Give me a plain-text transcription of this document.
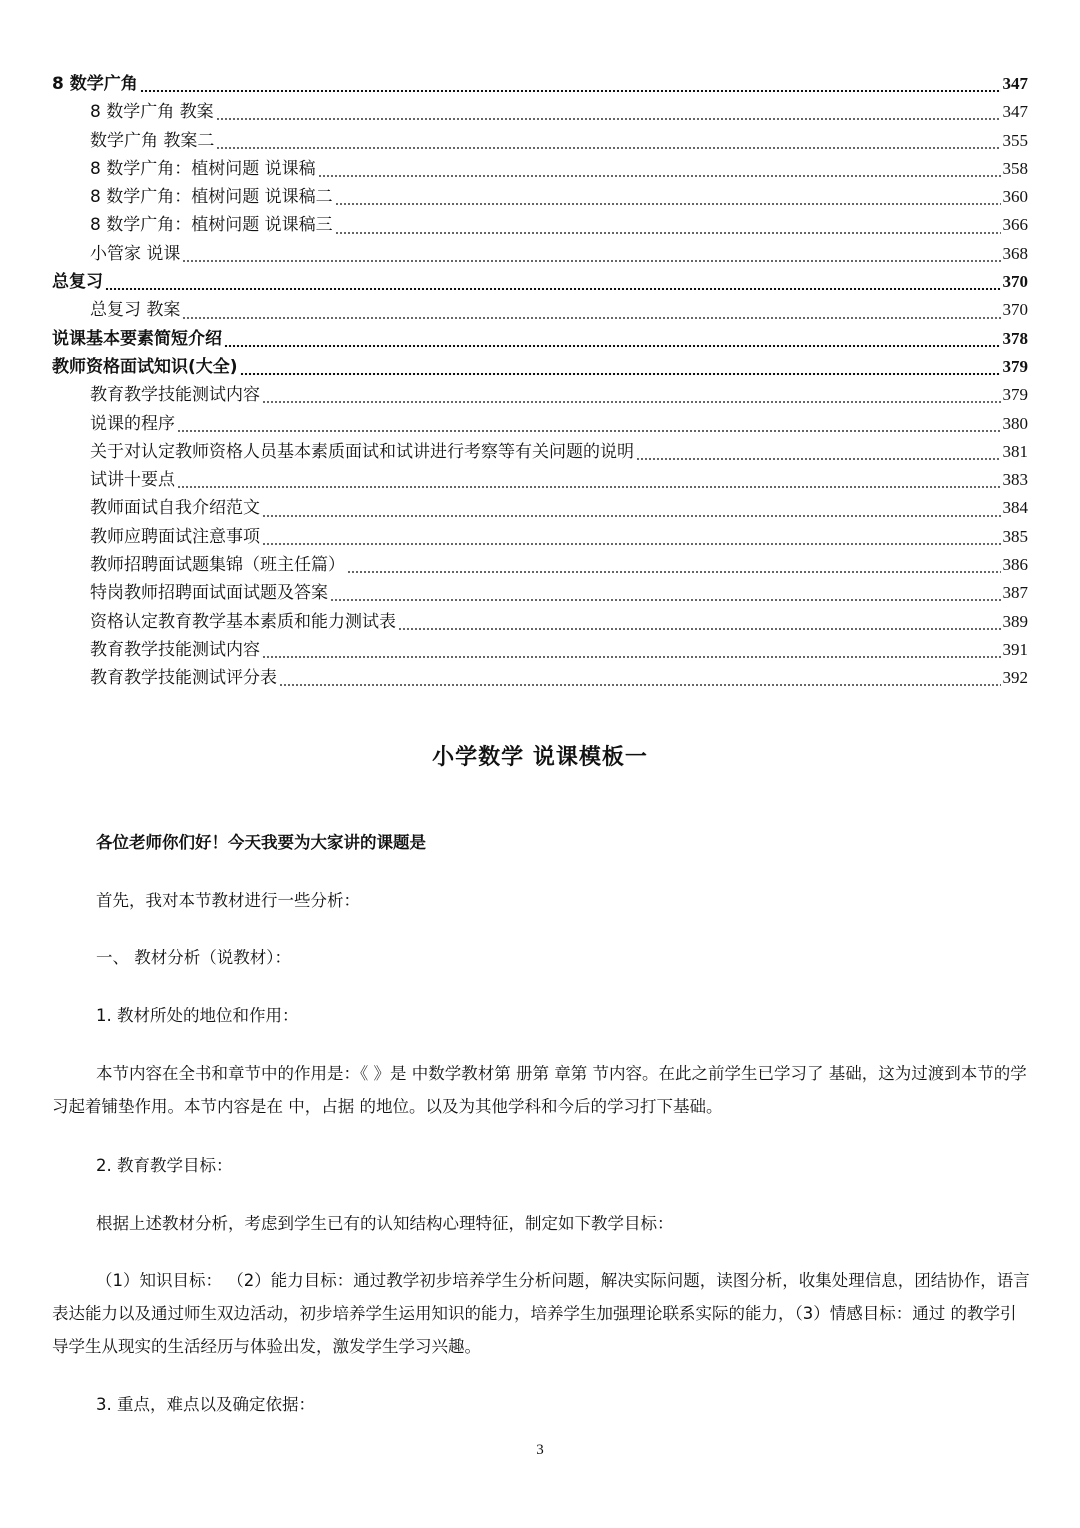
8 数学广角	347
8 数学广角 教案	347
数学广角 教案二	355
8 数学广角：植树问题 说课稿	358
8 数学广角：植树问题 说课稿二	360
8 数学广角：植树问题 说课稿三	366
小管家 说课	368
总复习	370
总复习 教案	370
说课基本要素简短介绍	378
教师资格面试知识(大全)	379
教育教学技能测试内容	379
说课的程序	380
关于对认定教师资格人员基本素质面试和试讲进行考察等有关问题的说明	381
试讲十要点	383
教师面试自我介绍范文	384
教师应聘面试注意事项	385
教师招聘面试题集锦（班主任篇）	386
特岗教师招聘面试面试题及答案	387
资格认定教育教学基本素质和能力测试表	389
教育教学技能测试内容	391
教育教学技能测试评分表	392
小学数学 说课模板一
各位老师你们好！今天我要为大家讲的课题是
首先，我对本节教材进行一些分析：
一、 教材分析（说教材）：
1. 教材所处的地位和作用：
本节内容在全书和章节中的作用是：《 》是 中数学教材第 册第 章第 节内容。在此之前学生已学习了 基础，这为过渡到本节的学习起着铺垫作用。本节内容是在 中，占据 的地位。以及为其他学科和今后的学习打下基础。
2. 教育教学目标：
根据上述教材分析，考虑到学生已有的认知结构心理特征，制定如下教学目标：
（1）知识目标： （2）能力目标：通过教学初步培养学生分析问题，解决实际问题，读图分析，收集处理信息，团结协作，语言表达能力以及通过师生双边活动，初步培养学生运用知识的能力，培养学生加强理论联系实际的能力，（3）情感目标：通过 的教学引导学生从现实的生活经历与体验出发，激发学生学习兴趣。
3. 重点，难点以及确定依据：
3
